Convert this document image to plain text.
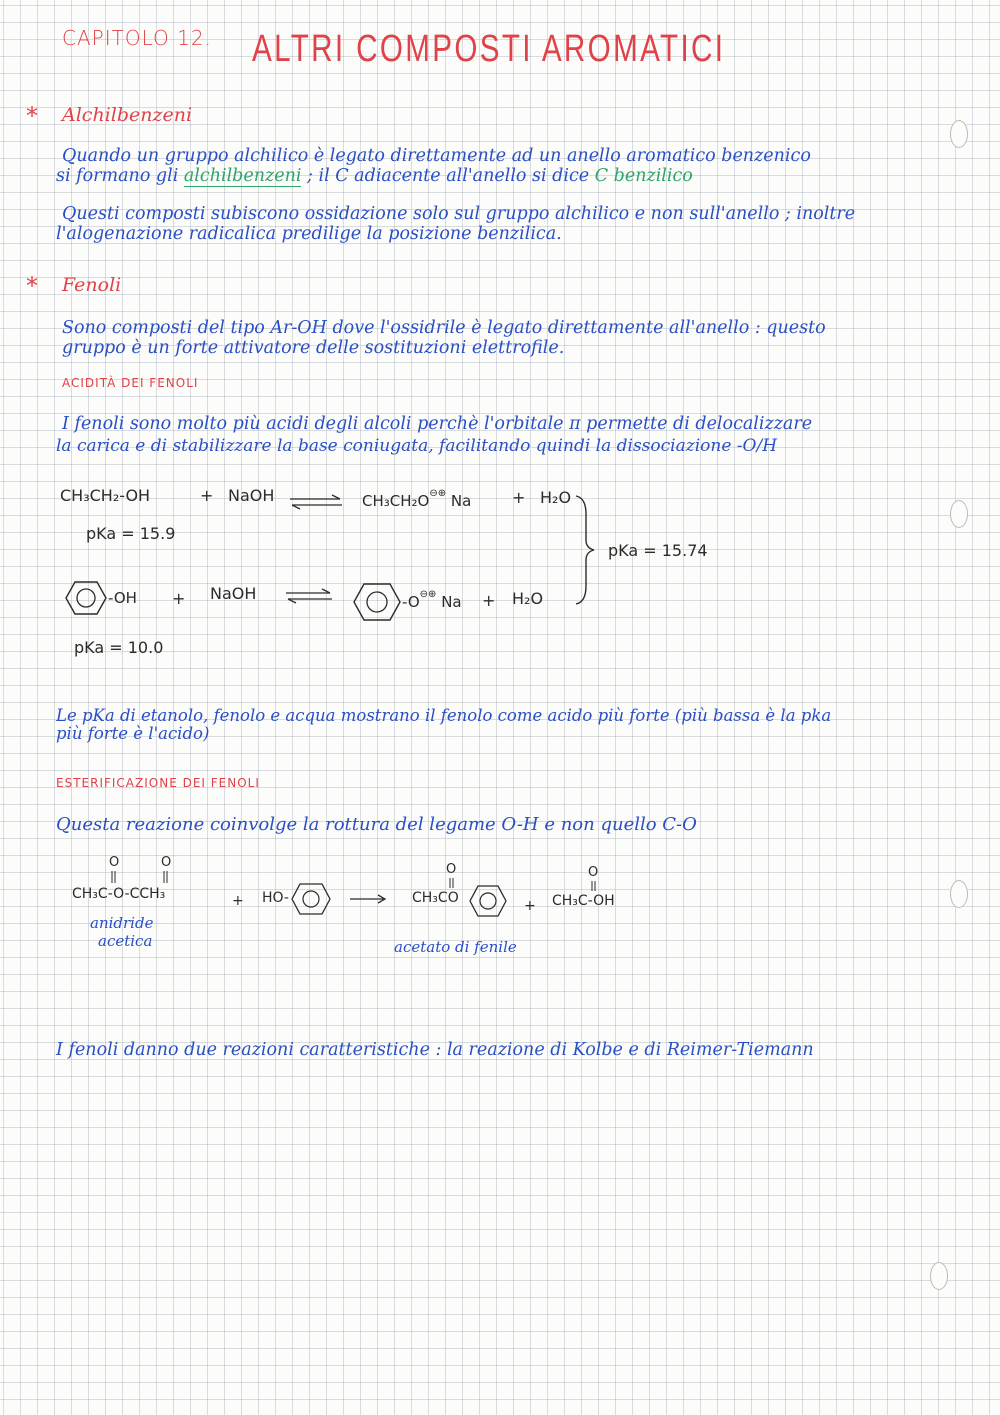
CAPITOLO 12. ALTRI COMPOSTI AROMATICI
* Alchilbenzeni
Quando un gruppo alchilico è legato direttamente ad un anello aromatico benzenico
si formano gli alchilbenzeni ; il C adiacente all'anello si dice C benzilico
Questi composti subiscono ossidazione solo sul gruppo alchilico e non sull'anello ; inoltre
l'alogenazione radicalica predilige la posizione benzilica.
* Fenoli
Sono composti del tipo Ar-OH dove l'ossidrile è legato direttamente all'anello : questo
gruppo è un forte attivatore delle sostituzioni elettrofile.
ACIDITÀ DEI FENOLI
I fenoli sono molto più acidi degli alcoli perchè l'orbitale π permette di delocalizzare
la carica e di stabilizzare la base coniugata, facilitando quindi la dissociazione -O/H
CH₃CH₂-OH	+ NaOH ⇌ CH₃CH₂O⊖⊕ Na	+ H₂O
pKa = 15.9
pKa = 15.74
-OH + NaOH	-O⊖⊕ Na + H₂O
pKa = 10.0
Le pKa di etanolo, fenolo e acqua mostrano il fenolo come acido più forte (più bassa è la pka
più forte è l'acido)
ESTERIFICAZIONE DEI FENOLI
Questa reazione coinvolge la rottura del legame O-H e non quello C-O
O	O
CH₃C-O-CCH₃
anidride
acetica
+ HO-
O
CH₃CO
acetato di fenile
+
O
CH₃C-OH
I fenoli danno due reazioni caratteristiche : la reazione di Kolbe e di Reimer-Tiemann
